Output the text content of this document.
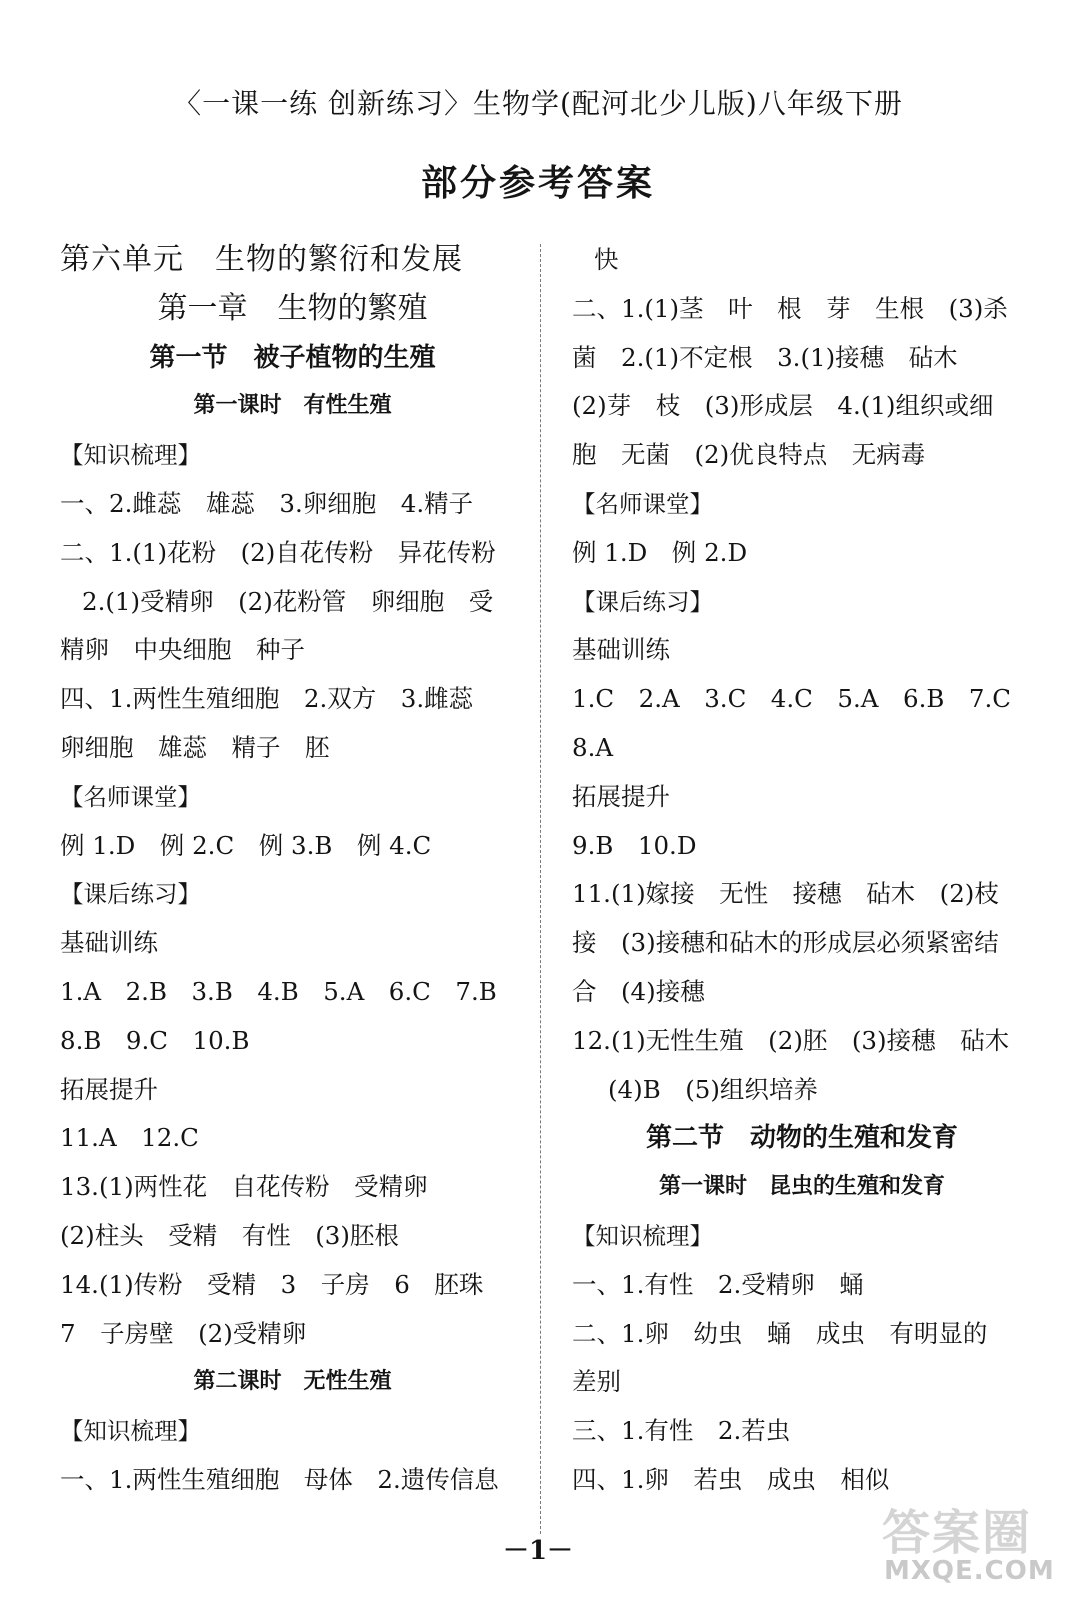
〈一课一练 创新练习〉生物学(配河北少儿版)八年级下册
部分参考答案
第六单元　生物的繁衍和发展
第一章　生物的繁殖
第一节　被子植物的生殖
第一课时　有性生殖
【知识梳理】
一、2.雌蕊　雄蕊　3.卵细胞　4.精子
二、1.(1)花粉　(2)自花传粉　异花传粉
2.(1)受精卵　(2)花粉管　卵细胞　受
精卵　中央细胞　种子
四、1.两性生殖细胞　2.双方　3.雌蕊
卵细胞　雄蕊　精子　胚
【名师课堂】
例 1.D　例 2.C　例 3.B　例 4.C
【课后练习】
基础训练
1.A　2.B　3.B　4.B　5.A　6.C　7.B
8.B　9.C　10.B
拓展提升
11.A　12.C
13.(1)两性花　自花传粉　受精卵
(2)柱头　受精　有性　(3)胚根
14.(1)传粉　受精　3　子房　6　胚珠
7　子房壁　(2)受精卵
第二课时　无性生殖
【知识梳理】
一、1.两性生殖细胞　母体　2.遗传信息
快
二、1.(1)茎　叶　根　芽　生根　(3)杀
菌　2.(1)不定根　3.(1)接穗　砧木
(2)芽　枝　(3)形成层　4.(1)组织或细
胞　无菌　(2)优良特点　无病毒
【名师课堂】
例 1.D　例 2.D
【课后练习】
基础训练
1.C　2.A　3.C　4.C　5.A　6.B　7.C
8.A
拓展提升
9.B　10.D
11.(1)嫁接　无性　接穗　砧木　(2)枝
接　(3)接穗和砧木的形成层必须紧密结
合　(4)接穗
12.(1)无性生殖　(2)胚　(3)接穗　砧木
(4)B　(5)组织培养
第二节　动物的生殖和发育
第一课时　昆虫的生殖和发育
【知识梳理】
一、1.有性　2.受精卵　蛹
二、1.卵　幼虫　蛹　成虫　有明显的
差别
三、1.有性　2.若虫
四、1.卵　若虫　成虫　相似
－1－	答案圈
MXQE.COM
